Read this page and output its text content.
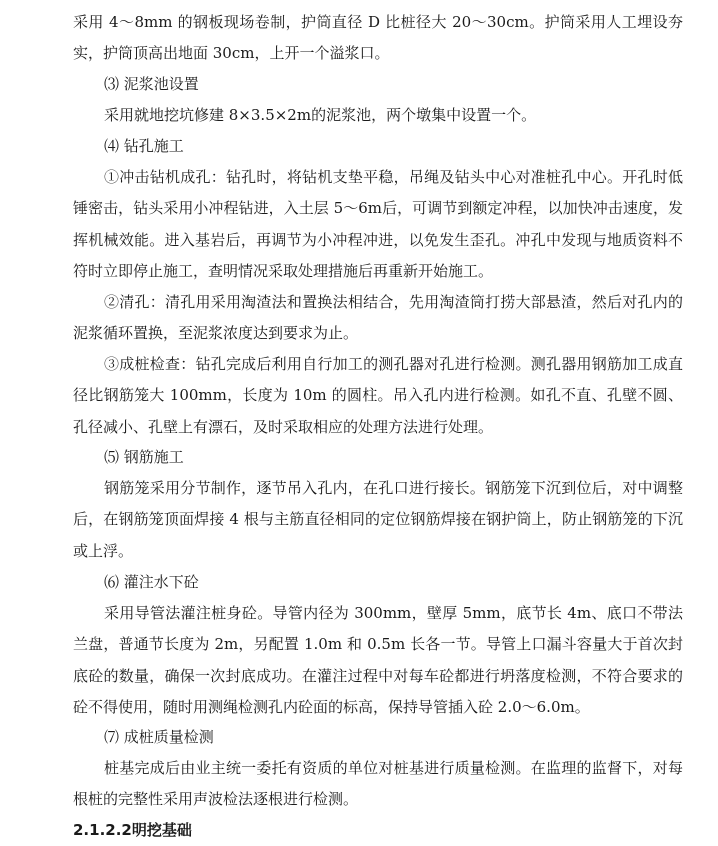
采用 4～8mm 的钢板现场卷制，护筒直径 D 比桩径大 20～30cm。护筒采用人工埋设夯实，护筒顶高出地面 30cm，上开一个溢浆口。

⑶ 泥浆池设置

采用就地挖坑修建 8×3.5×2m的泥浆池，两个墩集中设置一个。

⑷ 钻孔施工

①冲击钻机成孔：钻孔时，将钻机支垫平稳，吊绳及钻头中心对准桩孔中心。开孔时低锤密击，钻头采用小冲程钻进，入土层 5～6m后，可调节到额定冲程，以加快冲击速度，发挥机械效能。进入基岩后，再调节为小冲程冲进，以免发生歪孔。冲孔中发现与地质资料不符时立即停止施工，查明情况采取处理措施后再重新开始施工。

②清孔：清孔用采用淘渣法和置换法相结合，先用淘渣筒打捞大部悬渣，然后对孔内的泥浆循环置换，至泥浆浓度达到要求为止。

③成桩检查：钻孔完成后利用自行加工的测孔器对孔进行检测。测孔器用钢筋加工成直径比钢筋笼大 100mm，长度为 10m 的圆柱。吊入孔内进行检测。如孔不直、孔壁不圆、孔径减小、孔壁上有漂石，及时采取相应的处理方法进行处理。

⑸ 钢筋施工

钢筋笼采用分节制作，逐节吊入孔内，在孔口进行接长。钢筋笼下沉到位后，对中调整后，在钢筋笼顶面焊接 4 根与主筋直径相同的定位钢筋焊接在钢护筒上，防止钢筋笼的下沉或上浮。

⑹ 灌注水下砼

采用导管法灌注桩身砼。导管内径为 300mm，壁厚 5mm，底节长 4m、底口不带法兰盘，普通节长度为 2m，另配置 1.0m 和 0.5m 长各一节。导管上口漏斗容量大于首次封底砼的数量，确保一次封底成功。在灌注过程中对每车砼都进行坍落度检测，不符合要求的砼不得使用，随时用测绳检测孔内砼面的标高，保持导管插入砼 2.0～6.0m。

⑺ 成桩质量检测

桩基完成后由业主统一委托有资质的单位对桩基进行质量检测。在监理的监督下，对每根桩的完整性采用声波检法逐根进行检测。

2.1.2.2明挖基础
